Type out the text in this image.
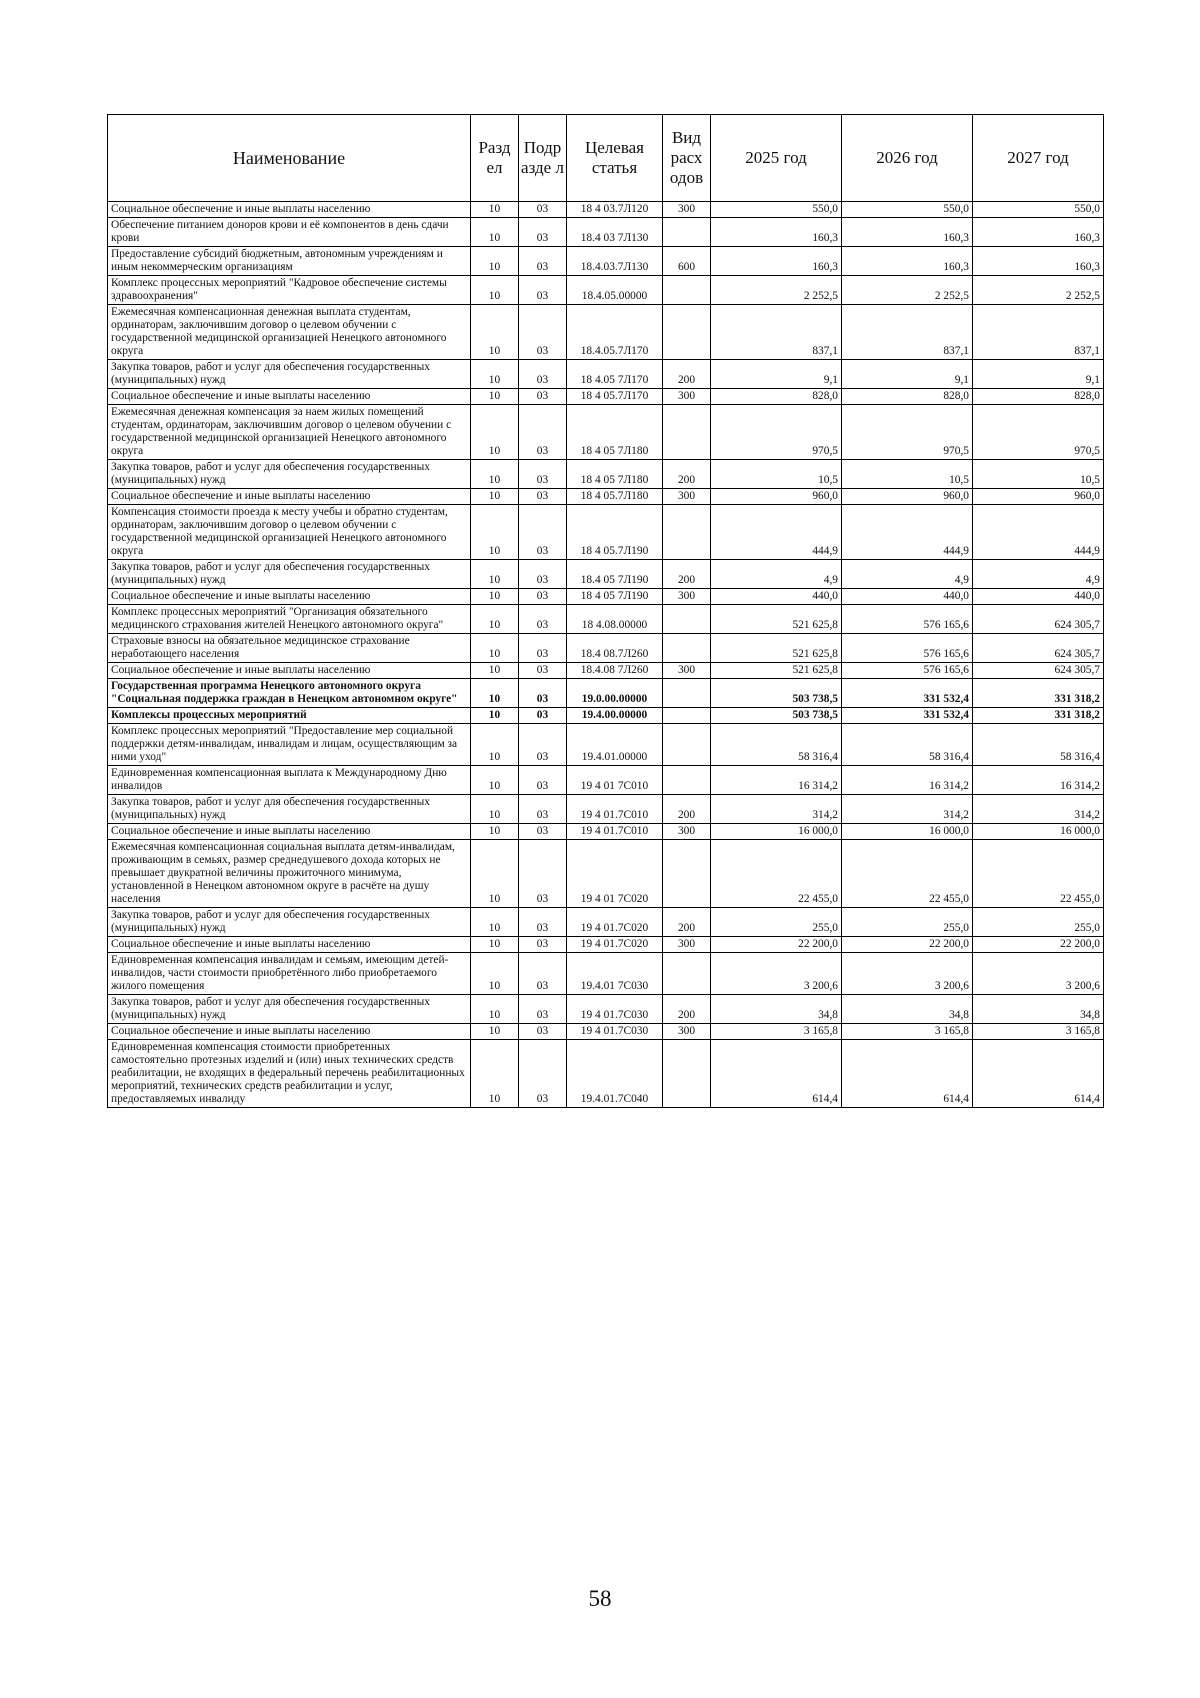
Наименование	Разд ел	Подр азде л	Целевая статья	Вид расх одов	2025 год	2026 год	2027 год
Социальное обеспечение и иные выплаты населению	10	03	18 4 03.7Л120	300	550,0	550,0	550,0
Обеспечение питанием доноров крови и её компонентов в день сдачи крови	10	03	18.4 03 7Л130		160,3	160,3	160,3
Предоставление субсидий бюджетным, автономным учреждениям и иным некоммерческим организациям	10	03	18.4.03.7Л130	600	160,3	160,3	160,3
Комплекс процессных мероприятий "Кадровое обеспечение системы здравоохранения"	10	03	18.4.05.00000		2 252,5	2 252,5	2 252,5
Ежемесячная компенсационная денежная выплата студентам, ординаторам, заключившим договор о целевом обучении с государственной медицинской организацией Ненецкого автономного округа	10	03	18.4.05.7Л170		837,1	837,1	837,1
Закупка товаров, работ и услуг для обеспечения государственных (муниципальных) нужд	10	03	18 4.05 7Л170	200	9,1	9,1	9,1
Социальное обеспечение и иные выплаты населению	10	03	18 4 05.7Л170	300	828,0	828,0	828,0
Ежемесячная денежная компенсация за наем жилых помещений студентам, ординаторам, заключившим договор о целевом обучении с государственной медицинской организацией Ненецкого автономного округа	10	03	18 4 05 7Л180		970,5	970,5	970,5
Закупка товаров, работ и услуг для обеспечения государственных (муниципальных) нужд	10	03	18 4 05 7Л180	200	10,5	10,5	10,5
Социальное обеспечение и иные выплаты населению	10	03	18 4 05.7Л180	300	960,0	960,0	960,0
Компенсация стоимости проезда к месту учебы и обратно студентам, ординаторам, заключившим договор о целевом обучении с государственной медицинской организацией Ненецкого автономного округа	10	03	18 4 05.7Л190		444,9	444,9	444,9
Закупка товаров, работ и услуг для обеспечения государственных (муниципальных) нужд	10	03	18.4 05 7Л190	200	4,9	4,9	4,9
Социальное обеспечение и иные выплаты населению	10	03	18 4 05 7Л190	300	440,0	440,0	440,0
Комплекс процессных мероприятий "Организация обязательного медицинского страхования жителей Ненецкого автономного округа"	10	03	18 4.08.00000		521 625,8	576 165,6	624 305,7
Страховые взносы на обязательное медицинское страхование неработающего населения	10	03	18.4 08.7Л260		521 625,8	576 165,6	624 305,7
Социальное обеспечение и иные выплаты населению	10	03	18.4.08 7Л260	300	521 625,8	576 165,6	624 305,7
Государственная программа Ненецкого автономного округа "Социальная поддержка граждан в Ненецком автономном округе"	10	03	19.0.00.00000		503 738,5	331 532,4	331 318,2
Комплексы процессных мероприятий	10	03	19.4.00.00000		503 738,5	331 532,4	331 318,2
Комплекс процессных мероприятий "Предоставление мер социальной поддержки детям-инвалидам, инвалидам и лицам, осуществляющим за ними уход"	10	03	19.4.01.00000		58 316,4	58 316,4	58 316,4
Единовременная компенсационная выплата к Международному Дню инвалидов	10	03	19 4 01 7С010		16 314,2	16 314,2	16 314,2
Закупка товаров, работ и услуг для обеспечения государственных (муниципальных) нужд	10	03	19 4 01.7С010	200	314,2	314,2	314,2
Социальное обеспечение и иные выплаты населению	10	03	19 4 01.7С010	300	16 000,0	16 000,0	16 000,0
Ежемесячная компенсационная социальная выплата детям-инвалидам, проживающим в семьях, размер среднедушевого дохода которых не превышает двукратной величины прожиточного минимума, установленной в Ненецком автономном округе в расчёте на душу населения	10	03	19 4 01 7С020		22 455,0	22 455,0	22 455,0
Закупка товаров, работ и услуг для обеспечения государственных (муниципальных) нужд	10	03	19 4 01.7С020	200	255,0	255,0	255,0
Социальное обеспечение и иные выплаты населению	10	03	19 4 01.7С020	300	22 200,0	22 200,0	22 200,0
Единовременная компенсация инвалидам и семьям, имеющим детей-инвалидов, части стоимости приобретённого либо приобретаемого жилого помещения	10	03	19.4.01 7С030		3 200,6	3 200,6	3 200,6
Закупка товаров, работ и услуг для обеспечения государственных (муниципальных) нужд	10	03	19 4 01.7С030	200	34,8	34,8	34,8
Социальное обеспечение и иные выплаты населению	10	03	19 4 01.7С030	300	3 165,8	3 165,8	3 165,8
Единовременная компенсация стоимости приобретенных самостоятельно протезных изделий и (или) иных технических средств реабилитации, не входящих в федеральный перечень реабилитационных мероприятий, технических средств реабилитации и услуг, предоставляемых инвалиду	10	03	19.4.01.7С040		614,4	614,4	614,4
58
